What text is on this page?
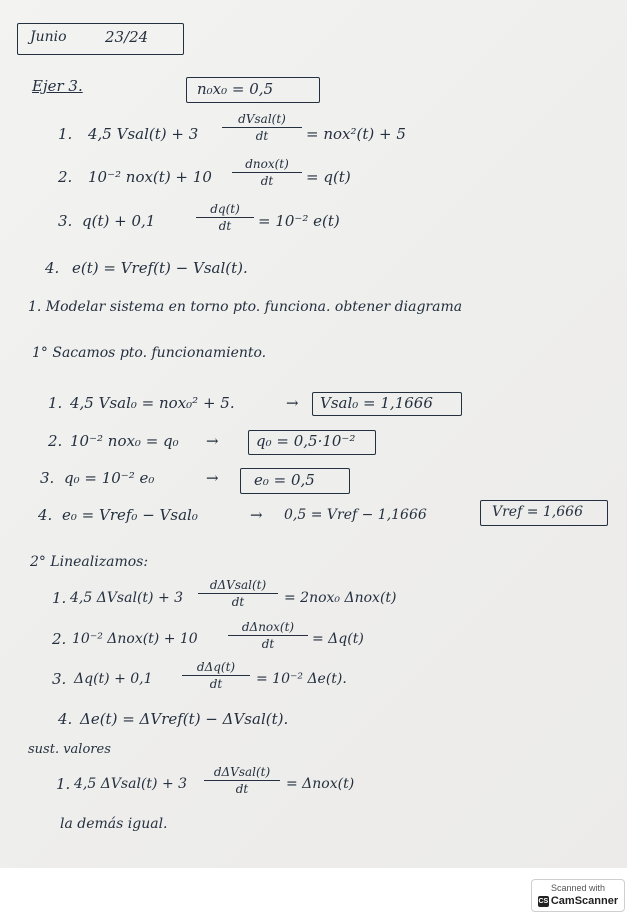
Junio	23/24
Ejer 3.	n₀x₀ = 0,5
1. 4,5 Vsal(t) + 3
dVsal(t)
dt	= nox²(t) + 5
2. 10⁻² nox(t) + 10
dnox(t)
dt	= q(t)
3. q(t) + 0,1	$\frac{dq(t)}{dt} = 10^{-2}$ e(t)
4. e(t) = Vref(t) − Vsal(t).
1. Modelar sistema en torno pto. funciona. obtener diagrama
1° Sacamos pto. funcionamiento.
1. 4,5 Vsal₀ = nox₀² + 5.	→ Vsal₀ = 1,1666
2. 10⁻² nox₀ = q₀ → q₀ = 0,5·10⁻²
3. q₀ = 10⁻² e₀	→ e₀ = 0,5
4. e₀ = Vref₀ − Vsal₀	→ 0,5 = Vref − 1,1666	Vref = 1,666
2° Linealizamos:
1. 4,5 ΔVsal(t) + 3
dΔVsal(t)
dt	= 2nox₀ Δnox(t)
2. 10⁻² Δnox(t) + 10
dΔnox(t)
dt	= Δq(t)
3. Δq(t) + 0,1
dΔq(t)
dt	= 10⁻² Δe(t).
4. Δe(t) = ΔVref(t) − ΔVsal(t).
sust. valores
1. 4,5 ΔVsal(t) + 3
dΔVsal(t)
dt	= Δnox(t)
la demás igual.
Scanned with
CS CamScanner
